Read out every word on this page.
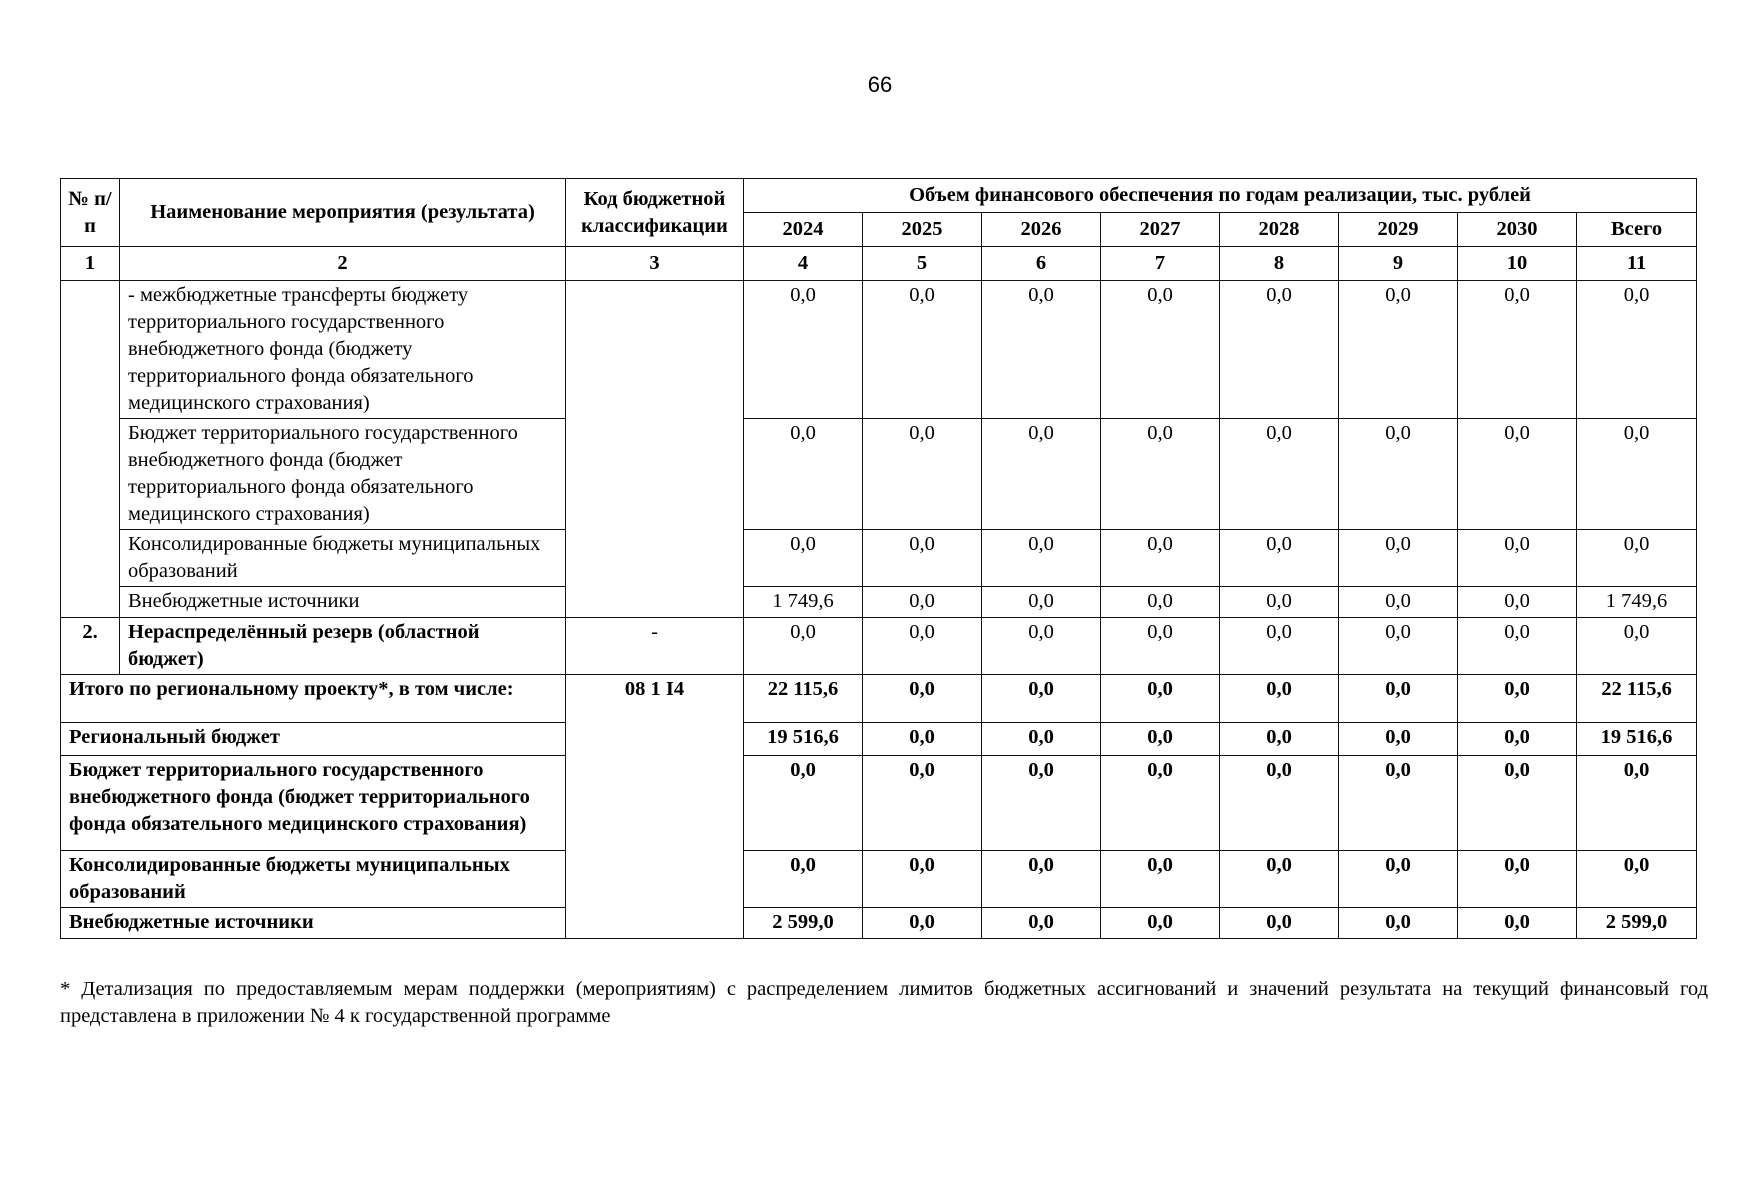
66
№ п/п	Наименование мероприятия (результата)	Код бюджетной классификации	Объем финансового обеспечения по годам реализации, тыс. рублей							
			2024	2025	2026	2027	2028	2029	2030	Всего
1	2	3	4	5	6	7	8	9	10	11
	- межбюджетные трансферты бюджету территориального государственного внебюджетного фонда (бюджету территориального фонда обязательного медицинского страхования)		0,0	0,0	0,0	0,0	0,0	0,0	0,0	0,0
	Бюджет территориального государственного внебюджетного фонда (бюджет территориального фонда обязательного медицинского страхования)		0,0	0,0	0,0	0,0	0,0	0,0	0,0	0,0
	Консолидированные бюджеты муниципальных образований		0,0	0,0	0,0	0,0	0,0	0,0	0,0	0,0
	Внебюджетные источники		1 749,6	0,0	0,0	0,0	0,0	0,0	0,0	1 749,6
2.	Нераспределённый резерв (областной бюджет)	-	0,0	0,0	0,0	0,0	0,0	0,0	0,0	0,0
Итого по региональному проекту*, в том числе:		08 1 I4	22 115,6	0,0	0,0	0,0	0,0	0,0	0,0	22 115,6
Региональный бюджет			19 516,6	0,0	0,0	0,0	0,0	0,0	0,0	19 516,6
Бюджет территориального государственного внебюджетного фонда (бюджет территориального фонда обязательного медицинского страхования)			0,0	0,0	0,0	0,0	0,0	0,0	0,0	0,0
Консолидированные бюджеты муниципальных образований			0,0	0,0	0,0	0,0	0,0	0,0	0,0	0,0
Внебюджетные источники			2 599,0	0,0	0,0	0,0	0,0	0,0	0,0	2 599,0
* Детализация по предоставляемым мерам поддержки (мероприятиям) с распределением лимитов бюджетных ассигнований и значений результата на текущий финансовый год представлена в приложении № 4 к государственной программе
